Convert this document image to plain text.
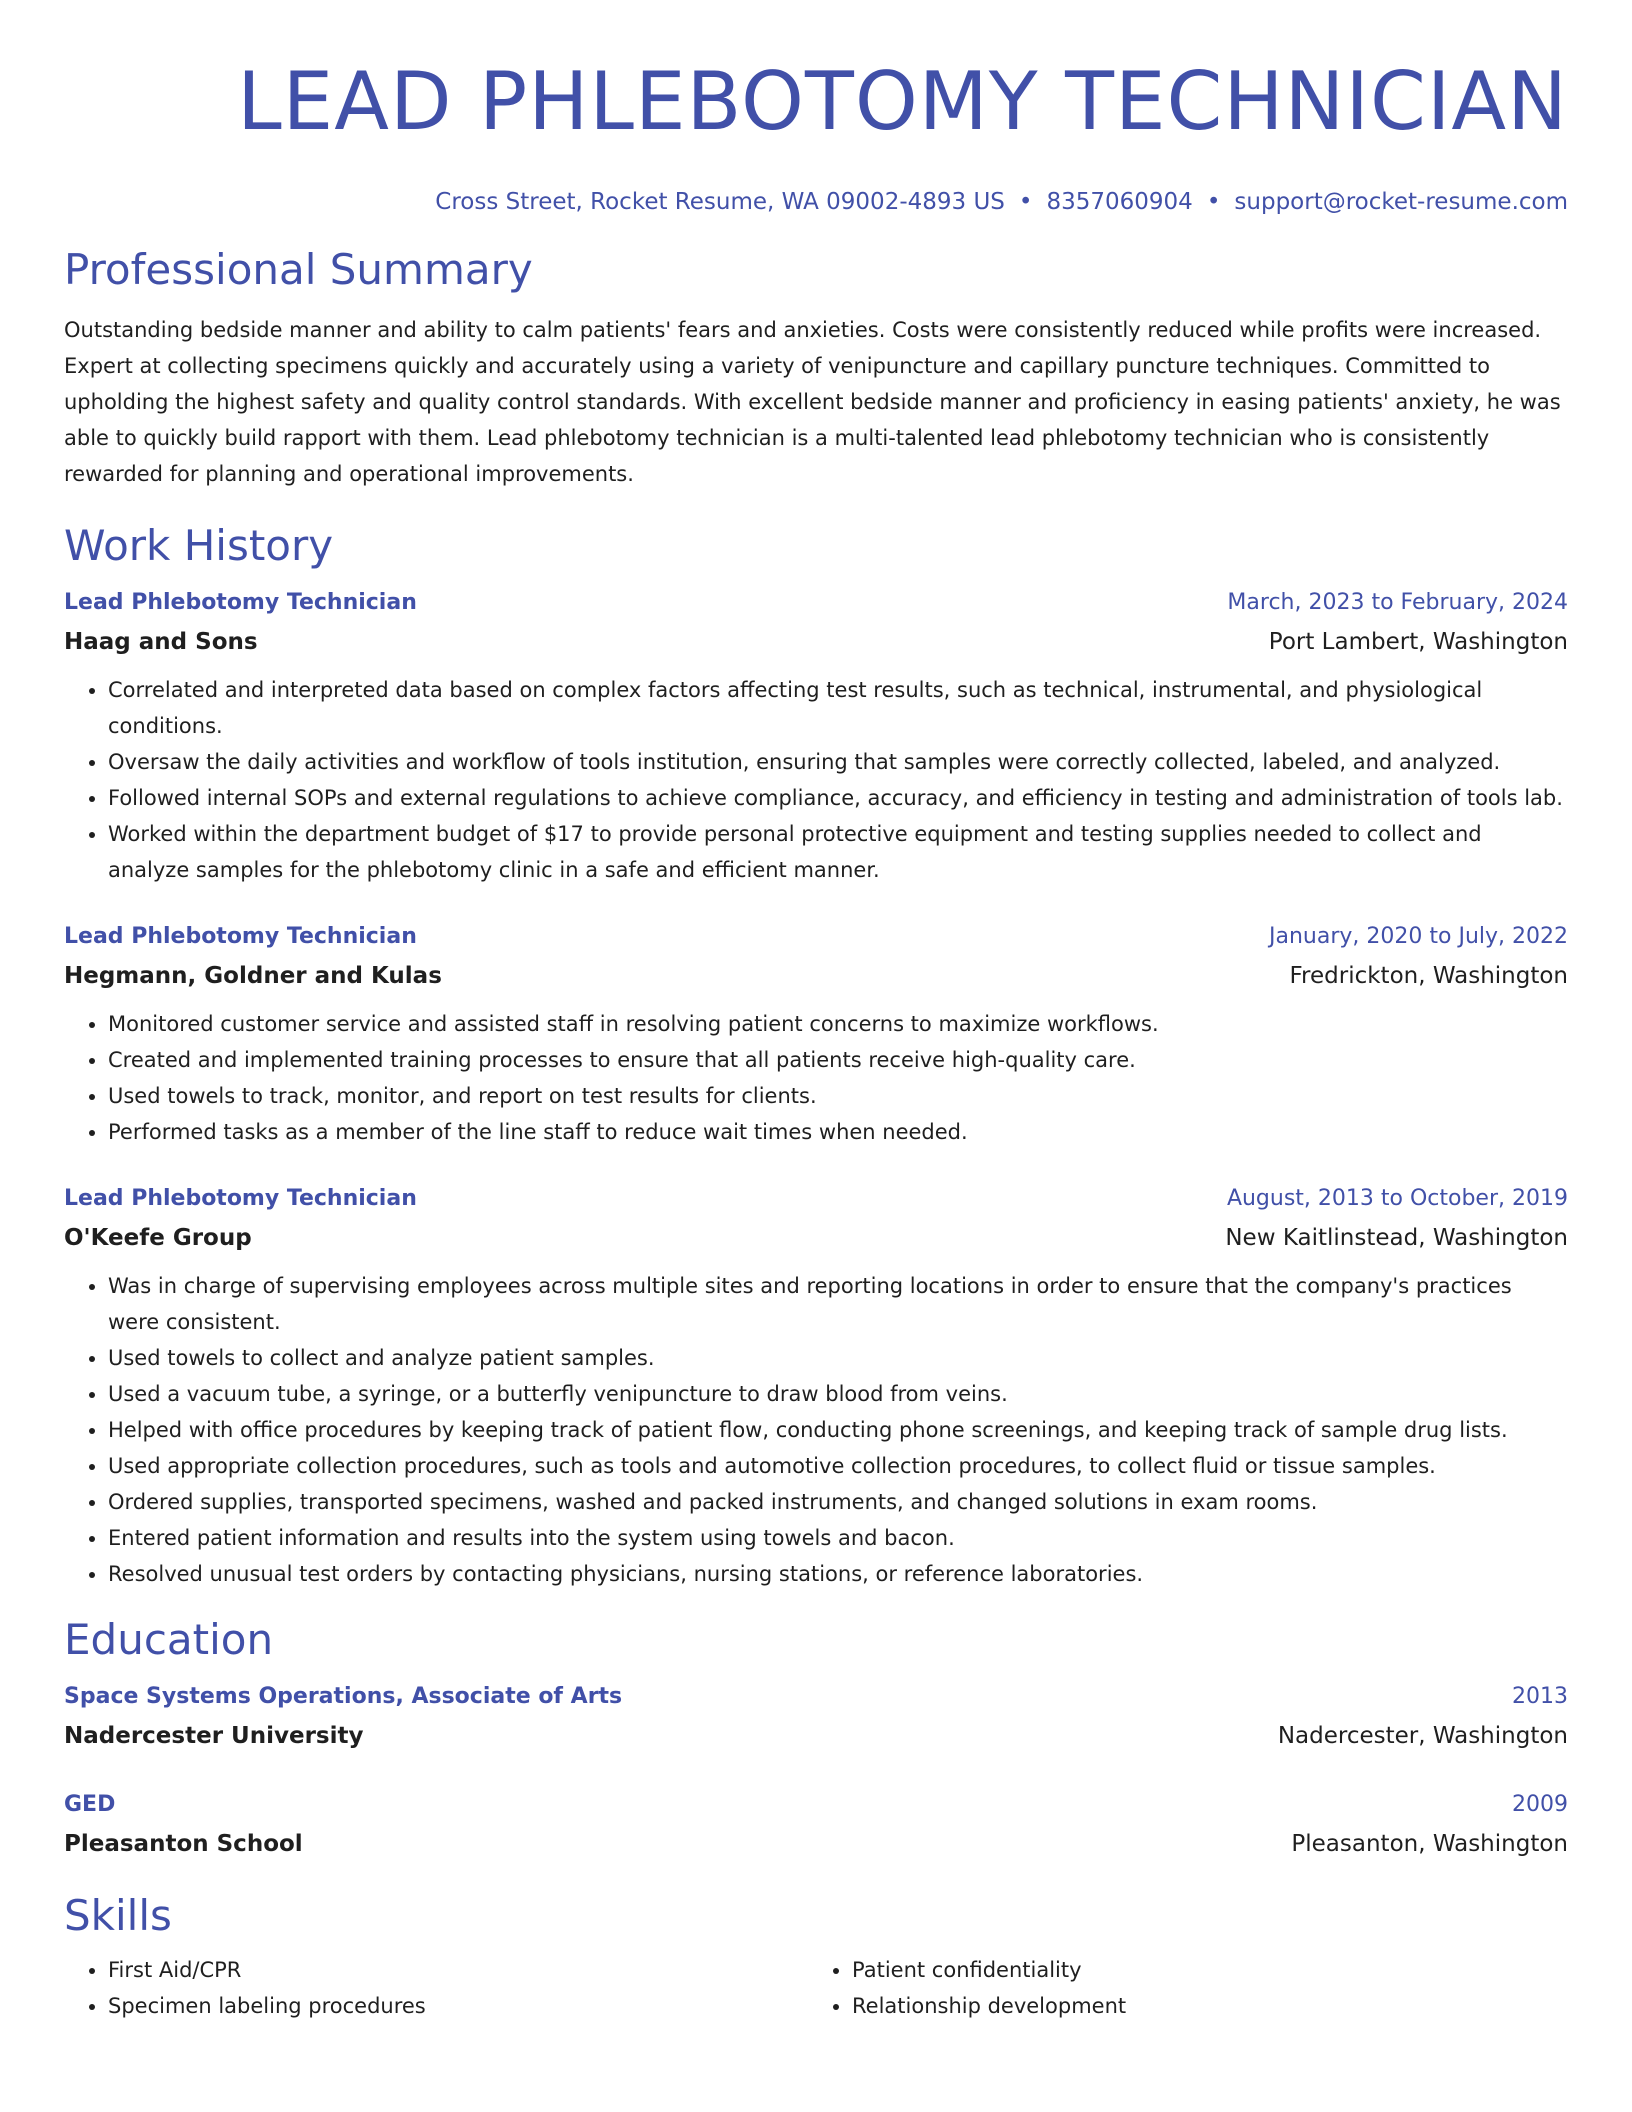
LEAD PHLEBOTOMY TECHNICIAN
Cross Street, Rocket Resume, WA 09002-4893 US • 8357060904 • support@rocket-resume.com
Professional Summary
Outstanding bedside manner and ability to calm patients' fears and anxieties. Costs were consistently reduced while profits were increased. Expert at collecting specimens quickly and accurately using a variety of venipuncture and capillary puncture techniques. Committed to upholding the highest safety and quality control standards. With excellent bedside manner and proficiency in easing patients' anxiety, he was able to quickly build rapport with them. Lead phlebotomy technician is a multi-talented lead phlebotomy technician who is consistently rewarded for planning and operational improvements.
Work History
Lead Phlebotomy Technician	March, 2023 to February, 2024
Haag and Sons	Port Lambert, Washington
• Correlated and interpreted data based on complex factors affecting test results, such as technical, instrumental, and physiological conditions.
• Oversaw the daily activities and workflow of tools institution, ensuring that samples were correctly collected, labeled, and analyzed.
• Followed internal SOPs and external regulations to achieve compliance, accuracy, and efficiency in testing and administration of tools lab.
• Worked within the department budget of $17 to provide personal protective equipment and testing supplies needed to collect and analyze samples for the phlebotomy clinic in a safe and efficient manner.
Lead Phlebotomy Technician	January, 2020 to July, 2022
Hegmann, Goldner and Kulas	Fredrickton, Washington
• Monitored customer service and assisted staff in resolving patient concerns to maximize workflows.
• Created and implemented training processes to ensure that all patients receive high-quality care.
• Used towels to track, monitor, and report on test results for clients.
• Performed tasks as a member of the line staff to reduce wait times when needed.
Lead Phlebotomy Technician	August, 2013 to October, 2019
O'Keefe Group	New Kaitlinstead, Washington
• Was in charge of supervising employees across multiple sites and reporting locations in order to ensure that the company's practices were consistent.
• Used towels to collect and analyze patient samples.
• Used a vacuum tube, a syringe, or a butterfly venipuncture to draw blood from veins.
• Helped with office procedures by keeping track of patient flow, conducting phone screenings, and keeping track of sample drug lists.
• Used appropriate collection procedures, such as tools and automotive collection procedures, to collect fluid or tissue samples.
• Ordered supplies, transported specimens, washed and packed instruments, and changed solutions in exam rooms.
• Entered patient information and results into the system using towels and bacon.
• Resolved unusual test orders by contacting physicians, nursing stations, or reference laboratories.
Education
Space Systems Operations, Associate of Arts	2013
Nadercester University	Nadercester, Washington
GED	2009
Pleasanton School	Pleasanton, Washington
Skills
• First Aid/CPR
• Specimen labeling procedures
• Patient confidentiality
• Relationship development
